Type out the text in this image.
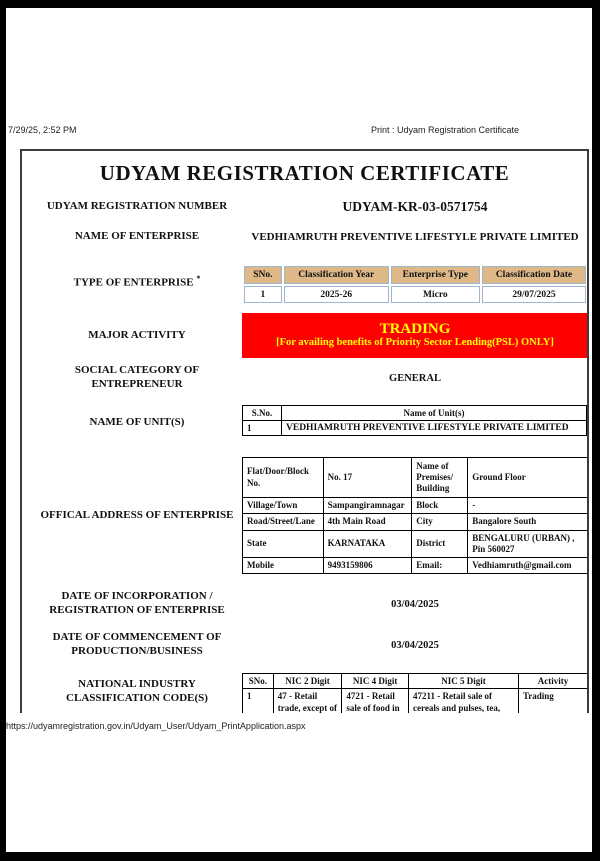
7/29/25, 2:52 PM	Print : Udyam Registration Certificate
UDYAM REGISTRATION CERTIFICATE
UDYAM REGISTRATION NUMBER	UDYAM-KR-03-0571754
NAME OF ENTERPRISE	VEDHIAMRUTH PREVENTIVE LIFESTYLE PRIVATE LIMITED
TYPE OF ENTERPRISE *	SNo.	Classification Year	Enterprise Type	Classification Date
1	2025-26	Micro	29/07/2025
MAJOR ACTIVITY	TRADING
[For availing benefits of Priority Sector Lending(PSL) ONLY]
SOCIAL CATEGORY OF ENTREPRENEUR	GENERAL
NAME OF UNIT(S)
S.No.	Name of Unit(s)
1	VEDHIAMRUTH PREVENTIVE LIFESTYLE PRIVATE LIMITED
OFFICAL ADDRESS OF ENTERPRISE
Flat/Door/Block No.	No. 17	Name of Premises/ Building	Ground Floor
Village/Town	Sampangiramnagar	Block	-
Road/Street/Lane	4th Main Road	City	Bangalore South
State	KARNATAKA	District	BENGALURU (URBAN) , Pin 560027
Mobile	9493159806	Email:	Vedhiamruth@gmail.com
DATE OF INCORPORATION / REGISTRATION OF ENTERPRISE	03/04/2025
DATE OF COMMENCEMENT OF PRODUCTION/BUSINESS	03/04/2025
NATIONAL INDUSTRY CLASSIFICATION CODE(S)
SNo.	NIC 2 Digit	NIC 4 Digit	NIC 5 Digit	Activity
1	47 - Retail trade, except of	4721 - Retail sale of food in	47211 - Retail sale of cereals and pulses, tea,	Trading
https://udyamregistration.gov.in/Udyam_User/Udyam_PrintApplication.aspx
